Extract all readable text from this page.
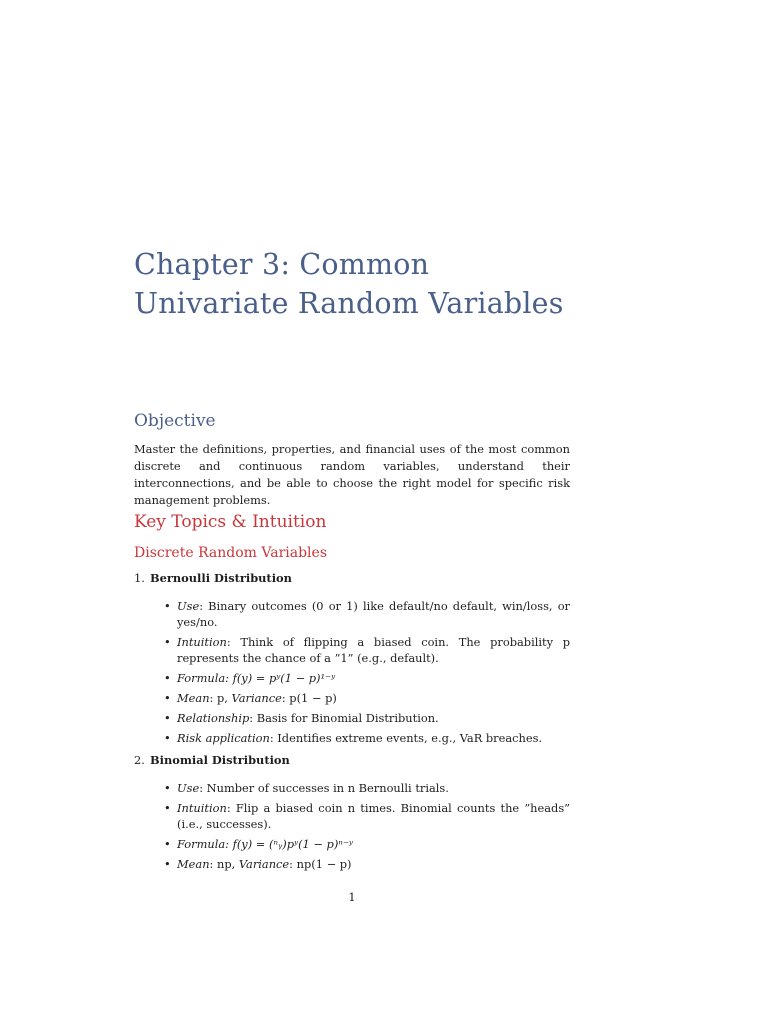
Chapter 3: Common Univariate Random Variables
Objective

Master the definitions, properties, and financial uses of the most common discrete and continuous random variables, understand their interconnections, and be able to choose the right model for specific risk management problems.

Key Topics & Intuition
Discrete Random Variables
1. Bernoulli Distribution
• Use: Binary outcomes (0 or 1) like default/no default, win/loss, or yes/no.
• Intuition: Think of flipping a biased coin. The probability p represents the chance of a ”1” (e.g., default).
• Formula: f(y) = pʸ(1 − p)¹⁻ʸ
• Mean: p, Variance: p(1 − p)
• Relationship: Basis for Binomial Distribution.
• Risk application: Identifies extreme events, e.g., VaR breaches.
2. Binomial Distribution
• Use: Number of successes in n Bernoulli trials.
• Intuition: Flip a biased coin n times. Binomial counts the ”heads” (i.e., successes).
• Formula: f(y) = (ⁿᵧ)pʸ(1 − p)ⁿ⁻ʸ
• Mean: np, Variance: np(1 − p)
1
